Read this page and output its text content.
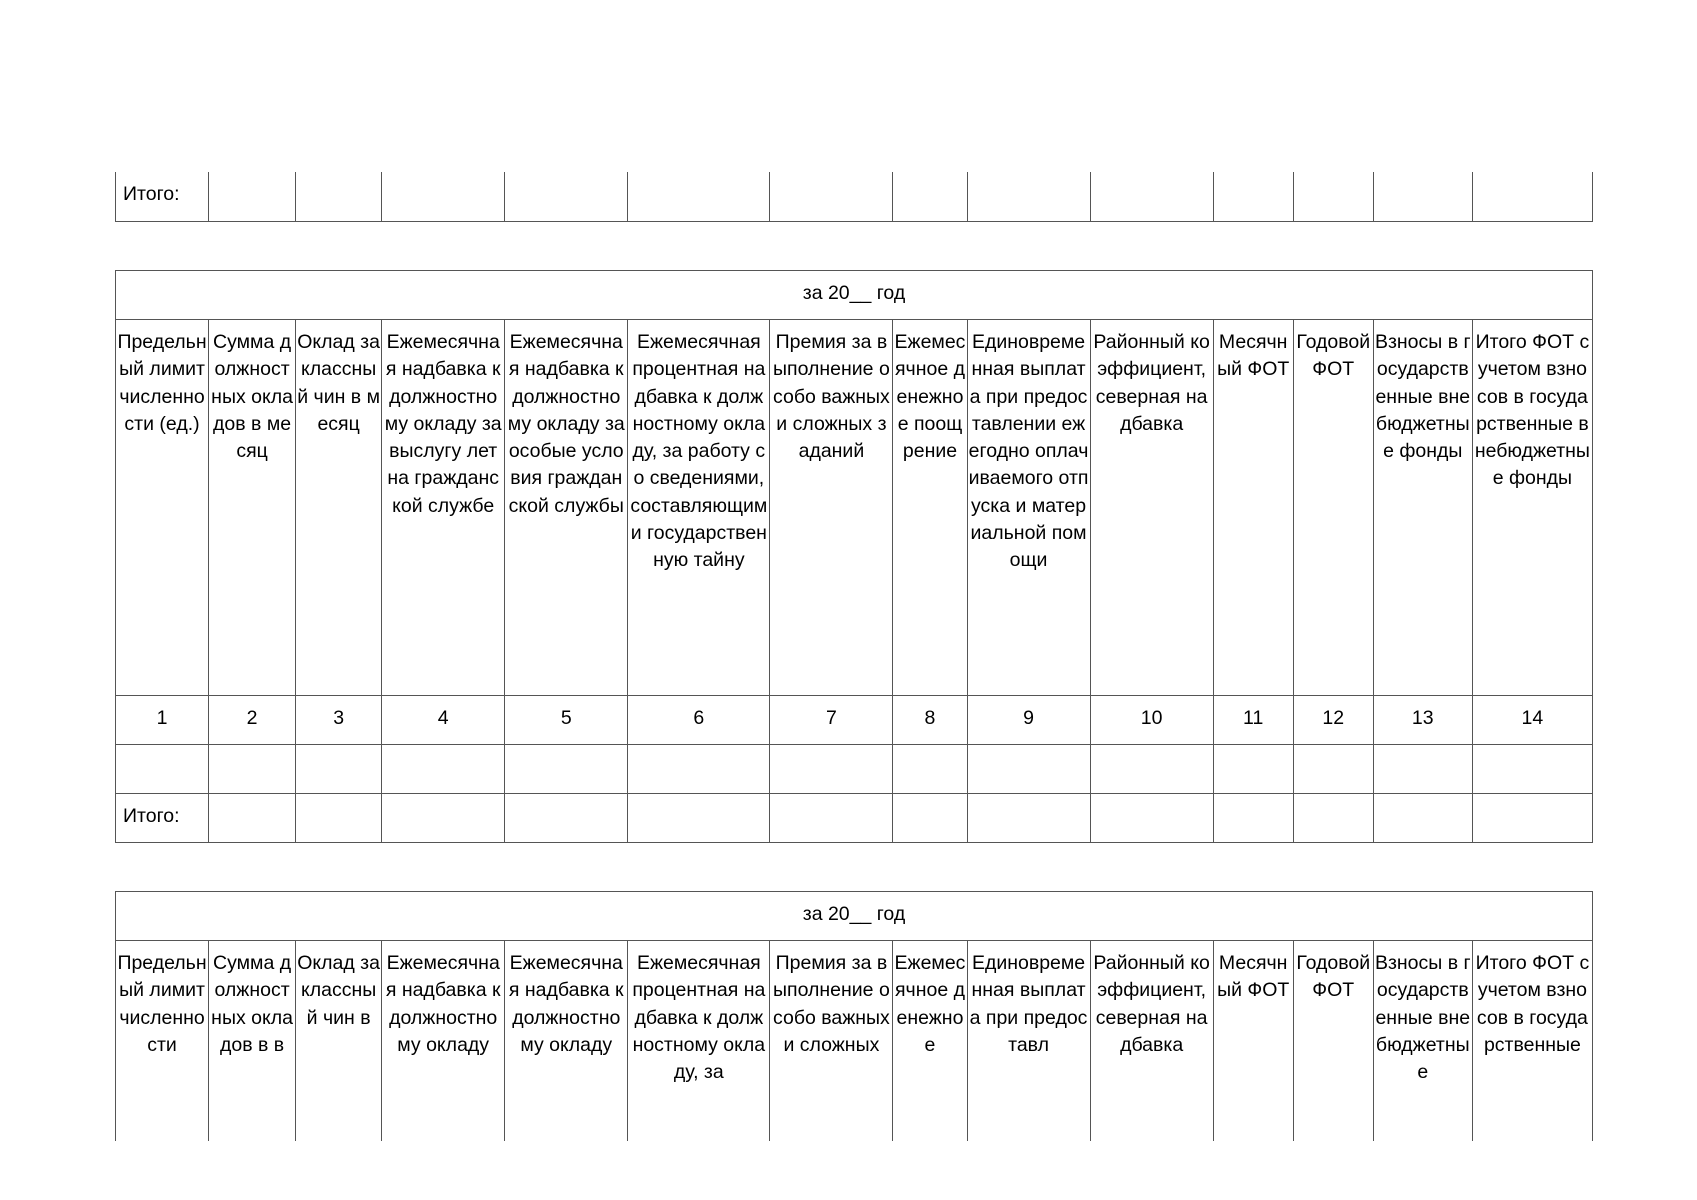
Итого:													
за 20__ год													
Предельный лимит численности (ед.)	Сумма должностных окладов в месяц	Оклад за классный чин в месяц	Ежемесячная надбавка к должностному окладу за выслугу лет на гражданской службе	Ежемесячная надбавка к должностному окладу за особые условия гражданской службы	Ежемесячная процентная надбавка к должностному окладу, за работу со сведениями, составляющими государственную тайну	Премия за выполнение особо важных и сложных заданий	Ежемесячное денежное поощрение	Единовременная выплата при предоставлении ежегодно оплачиваемого отпуска и материальной помощи	Районный коэффициент, северная надбавка	Месячный ФОТ	Годовой ФОТ	Взносы в государственные внебюджетные фонды	Итого ФОТ с учетом взносов в государственные внебюджетные фонды
1	2	3	4	5	6	7	8	9	10	11	12	13	14

Итого:													
за 20__ год
Предельный лимит численности	Сумма должностных окладов в в	Оклад за классный чин в	Ежемесячная надбавка к должностному окладу	Ежемесячная надбавка к должностному окладу	Ежемесячная процентная надбавка к должностному окладу, за	Премия за выполнение особо важных и сложных	Ежемесячное денежное	Единовременная выплата при предоставл	Районный коэффициент, северная надбавка	Месячный ФОТ	Годовой ФОТ	Взносы в государственные внебюджетные	Итого ФОТ с учетом взносов в государственные
